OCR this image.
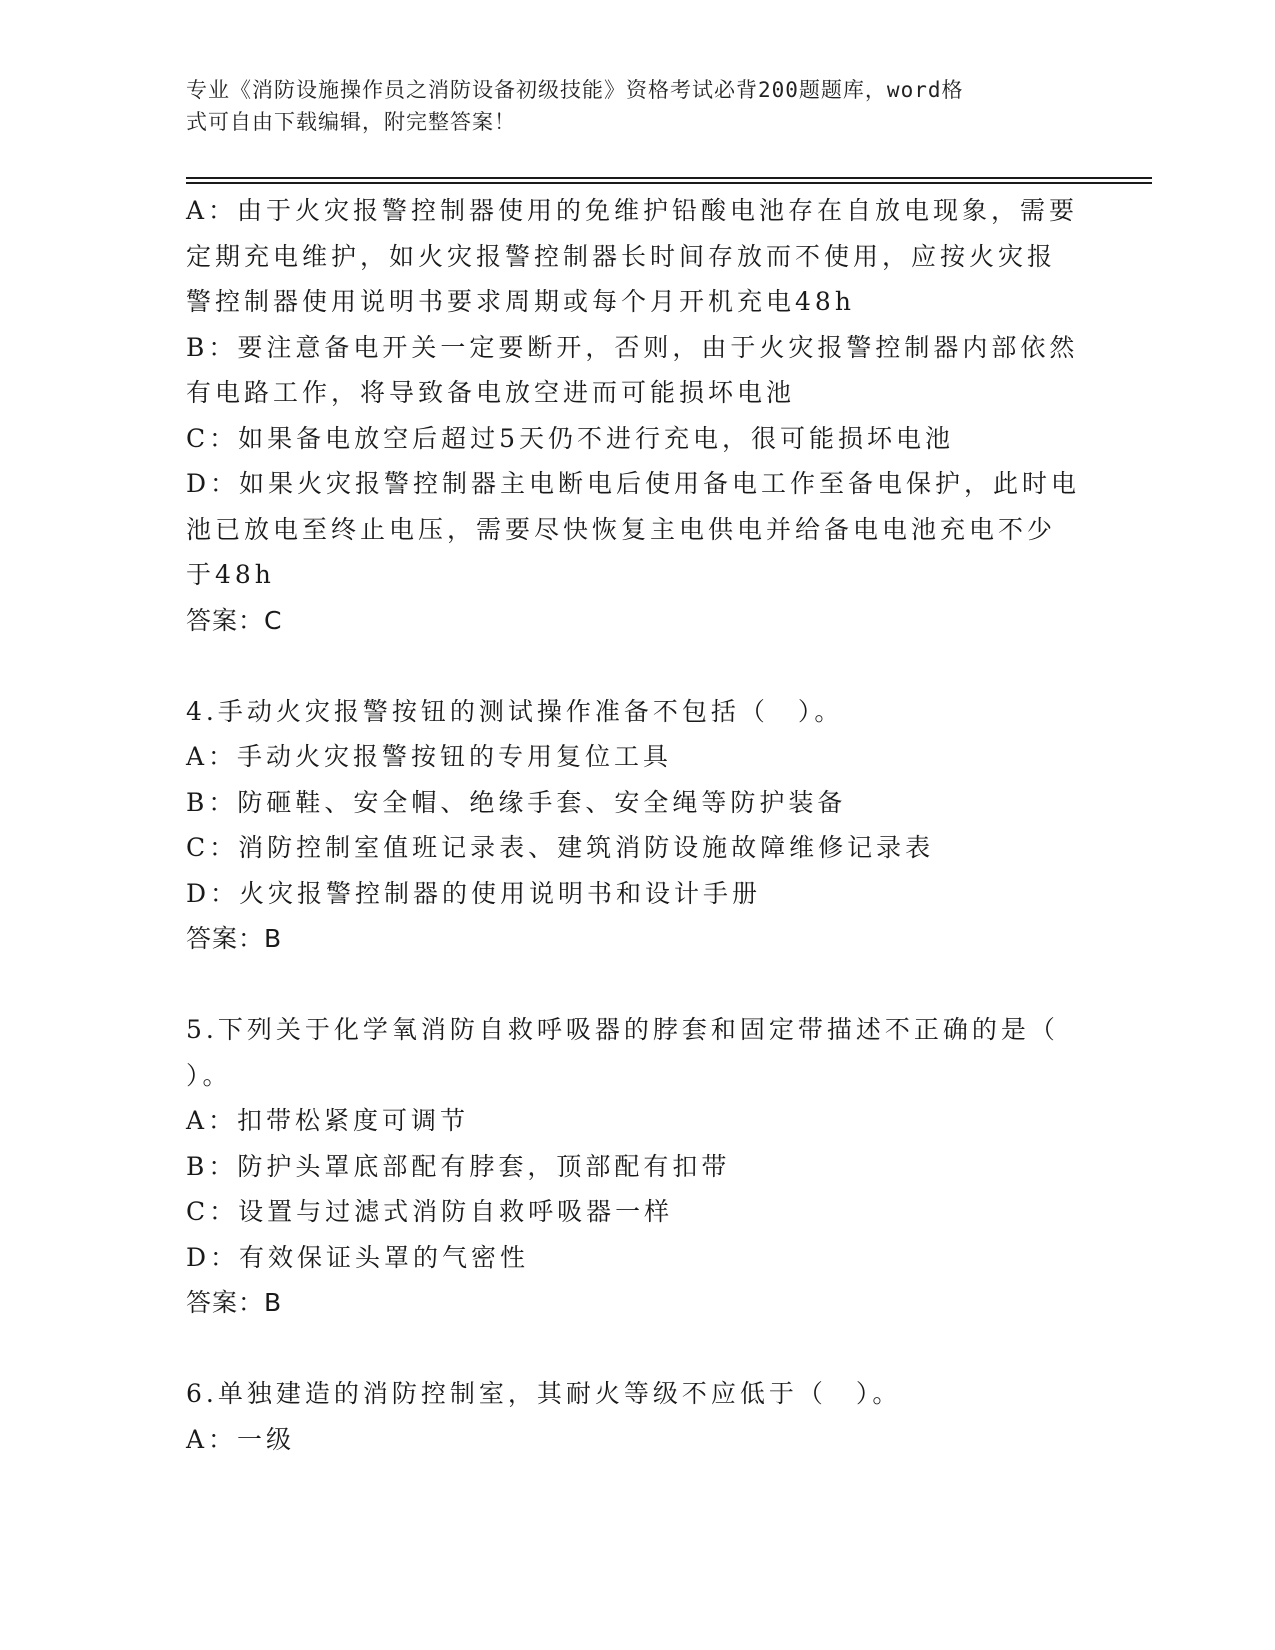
专业《消防设施操作员之消防设备初级技能》资格考试必背200题题库，word格
式可自由下载编辑，附完整答案！
A：由于火灾报警控制器使用的免维护铅酸电池存在自放电现象，需要
定期充电维护，如火灾报警控制器长时间存放而不使用，应按火灾报
警控制器使用说明书要求周期或每个月开机充电48h
B：要注意备电开关一定要断开，否则，由于火灾报警控制器内部依然
有电路工作，将导致备电放空进而可能损坏电池
C：如果备电放空后超过5天仍不进行充电，很可能损坏电池
D：如果火灾报警控制器主电断电后使用备电工作至备电保护，此时电
池已放电至终止电压，需要尽快恢复主电供电并给备电电池充电不少
于48h
答案：C
4.手动火灾报警按钮的测试操作准备不包括（　）。
A：手动火灾报警按钮的专用复位工具
B：防砸鞋、安全帽、绝缘手套、安全绳等防护装备
C：消防控制室值班记录表、建筑消防设施故障维修记录表
D：火灾报警控制器的使用说明书和设计手册
答案：B
5.下列关于化学氧消防自救呼吸器的脖套和固定带描述不正确的是（
）。
A：扣带松紧度可调节
B：防护头罩底部配有脖套，顶部配有扣带
C：设置与过滤式消防自救呼吸器一样
D：有效保证头罩的气密性
答案：B
6.单独建造的消防控制室，其耐火等级不应低于（　）。
A：一级
